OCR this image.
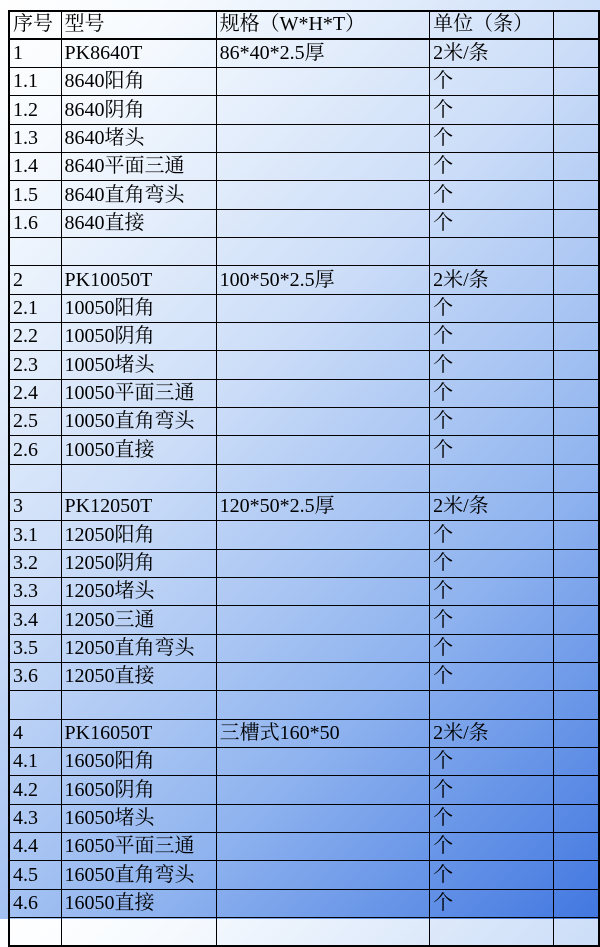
序号	型号	规格（W*H*T）	单位（条）	
1	PK8640T	86*40*2.5厚	2米/条	
1.1	8640阳角		个	
1.2	8640阴角		个	
1.3	8640堵头		个	
1.4	8640平面三通		个	
1.5	8640直角弯头		个	
1.6	8640直接		个	

2	PK10050T	100*50*2.5厚	2米/条	
2.1	10050阳角		个	
2.2	10050阴角		个	
2.3	10050堵头		个	
2.4	10050平面三通		个	
2.5	10050直角弯头		个	
2.6	10050直接		个	

3	PK12050T	120*50*2.5厚	2米/条	
3.1	12050阳角		个	
3.2	12050阴角		个	
3.3	12050堵头		个	
3.4	12050三通		个	
3.5	12050直角弯头		个	
3.6	12050直接		个	

4	PK16050T	三槽式160*50	2米/条	
4.1	16050阳角		个	
4.2	16050阴角		个	
4.3	16050堵头		个	
4.4	16050平面三通		个	
4.5	16050直角弯头		个	
4.6	16050直接		个	
